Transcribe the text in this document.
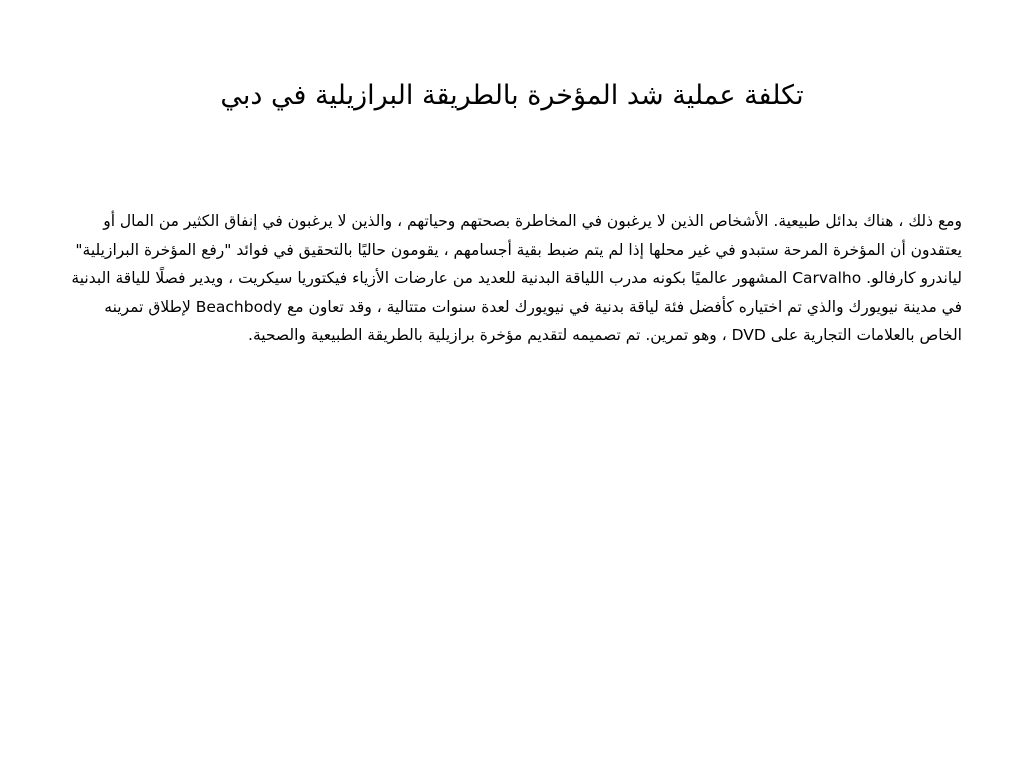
تكلفة عملية شد المؤخرة بالطريقة البرازيلية في دبي

ومع ذلك ، هناك بدائل طبيعية. الأشخاص الذين لا يرغبون في المخاطرة بصحتهم وحياتهم ، والذين لا يرغبون في إنفاق الكثير من المال أو يعتقدون أن المؤخرة المرحة ستبدو في غير محلها إذا لم يتم ضبط بقية أجسامهم ، يقومون حاليًا بالتحقيق في فوائد "رفع المؤخرة البرازيلية" لياندرو كارفالو. Carvalho المشهور عالميًا بكونه مدرب اللياقة البدنية للعديد من عارضات الأزياء فيكتوريا سيكريت ، ويدير فصلًا للياقة البدنية في مدينة نيويورك والذي تم اختياره كأفضل فئة لياقة بدنية في نيويورك لعدة سنوات متتالية ، وقد تعاون مع Beachbody لإطلاق تمرينه الخاص بالعلامات التجارية على DVD ، وهو تمرين. تم تصميمه لتقديم مؤخرة برازيلية بالطريقة الطبيعية والصحية.
